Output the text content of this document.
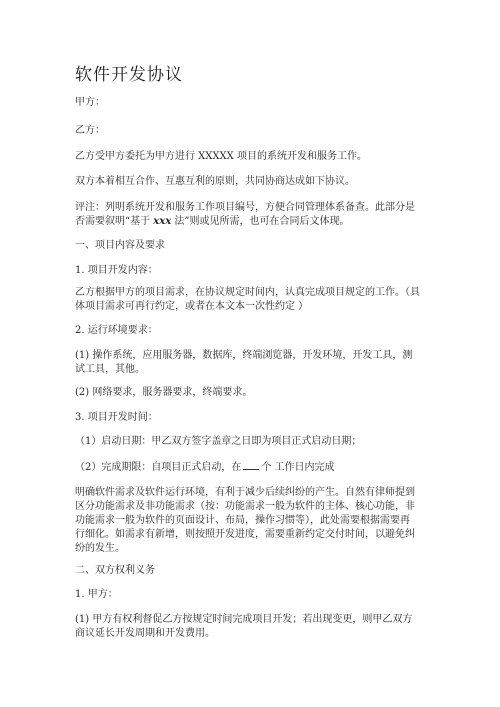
软件开发协议
甲方：
乙方：
乙方受甲方委托为甲方进行 XXXXX 项目的系统开发和服务工作。
双方本着相互合作、互惠互利的原则，共同协商达成如下协议。
评注：列明系统开发和服务工作项目编号，方便合同管理体系备查。此部分是
否需要叙明“基于 xxx 法”则或见所需，也可在合同后文体现。
一、项目内容及要求
1. 项目开发内容：
乙方根据甲方的项目需求，在协议规定时间内，认真完成项目规定的工作。（具
体项目需求可再行约定，或者在本文本一次性约定 ）
2. 运行环境要求：
(1) 操作系统，应用服务器，数据库，终端浏览器，开发环境，开发工具，测
试工具，其他。
(2) 网络要求，服务器要求，终端要求。
3. 项目开发时间：
（1）启动日期：甲乙双方签字盖章之日即为项目正式启动日期；
（2）完成期限：自项目正式启动，在 个 工作日内完成
明确软件需求及软件运行环境，有利于减少后续纠纷的产生。自然有律师提到
区分功能需求及非功能需求（按：功能需求一般为软件的主体、核心功能，非
功能需求一般为软件的页面设计、布局，操作习惯等），此处需要根据需要再
行细化。如需求有新增，则按照开发进度，需要重新约定交付时间，以避免纠
纷的发生。
二、双方权利义务
1. 甲方：
(1) 甲方有权利督促乙方按规定时间完成项目开发；若出现变更，则甲乙双方
商议延长开发周期和开发费用。
